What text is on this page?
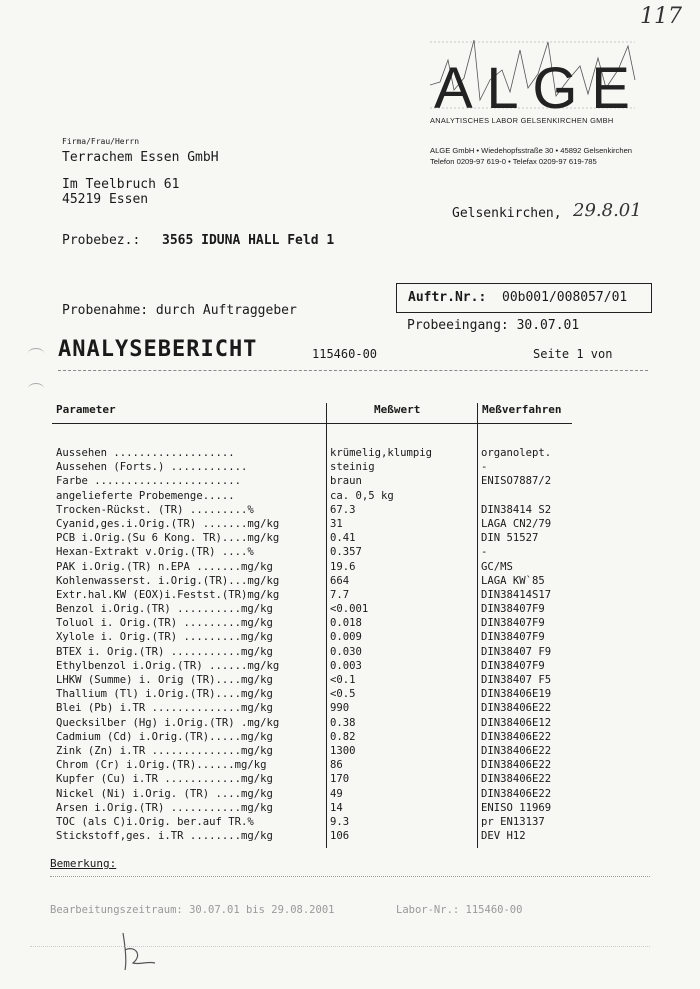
117
A L G E
ANALYTISCHES LABOR GELSENKIRCHEN GMBH
ALGE GmbH • Wiedehopfsstraße 30 • 45892 Gelsenkirchen
Telefon 0209-97 619-0 • Telefax 0209-97 619-785
Firma/Frau/Herrn
Terrachem Essen GmbH
Im Teelbruch 61
45219 Essen
Gelsenkirchen, 29.8.01
Probebez.: 3565 IDUNA HALL Feld 1
Auftr.Nr.: 00b001/008057/01
Probenahme: durch Auftraggeber
Probeeingang: 30.07.01
ANALYSEBERICHT	115460-00	Seite 1 von
Parameter	Meßwert	Meßverfahren
Aussehen ...................	krümelig,klumpig	organolept.
Aussehen (Forts.) ............	steinig	-
Farbe .......................	braun	ENISO7887/2
angelieferte Probemenge.....	ca. 0,5 kg
Trocken-Rückst. (TR) .........%	67.3	DIN38414 S2
Cyanid,ges.i.Orig.(TR) .......mg/kg	31	LAGA CN2/79
PCB i.Orig.(Su 6 Kong. TR)....mg/kg	0.41	DIN 51527
Hexan-Extrakt v.Orig.(TR) ....%	0.357	-
PAK i.Orig.(TR) n.EPA .......mg/kg	19.6	GC/MS
Kohlenwasserst. i.Orig.(TR)...mg/kg	664	LAGA KW`85
Extr.hal.KW (EOX)i.Festst.(TR)mg/kg	7.7	DIN38414S17
Benzol i.Orig.(TR) ..........mg/kg	<0.001	DIN38407F9
Toluol i. Orig.(TR) .........mg/kg	0.018	DIN38407F9
Xylole i. Orig.(TR) .........mg/kg	0.009	DIN38407F9
BTEX i. Orig.(TR) ...........mg/kg	0.030	DIN38407 F9
Ethylbenzol i.Orig.(TR) ......mg/kg	0.003	DIN38407F9
LHKW (Summe) i. Orig (TR)....mg/kg	<0.1	DIN38407 F5
Thallium (Tl) i.Orig.(TR)....mg/kg	<0.5	DIN38406E19
Blei (Pb) i.TR ..............mg/kg	990	DIN38406E22
Quecksilber (Hg) i.Orig.(TR) .mg/kg	0.38	DIN38406E12
Cadmium (Cd) i.Orig.(TR).....mg/kg	0.82	DIN38406E22
Zink (Zn) i.TR ..............mg/kg	1300	DIN38406E22
Chrom (Cr) i.Orig.(TR)......mg/kg	86	DIN38406E22
Kupfer (Cu) i.TR ............mg/kg	170	DIN38406E22
Nickel (Ni) i.Orig. (TR) ....mg/kg	49	DIN38406E22
Arsen i.Orig.(TR) ...........mg/kg	14	ENISO 11969
TOC (als C)i.Orig. ber.auf TR.%	9.3	pr EN13137
Stickstoff,ges. i.TR ........mg/kg	106	DEV H12
Bemerkung:
Bearbeitungszeitraum: 30.07.01 bis 29.08.2001	Labor-Nr.: 115460-00
